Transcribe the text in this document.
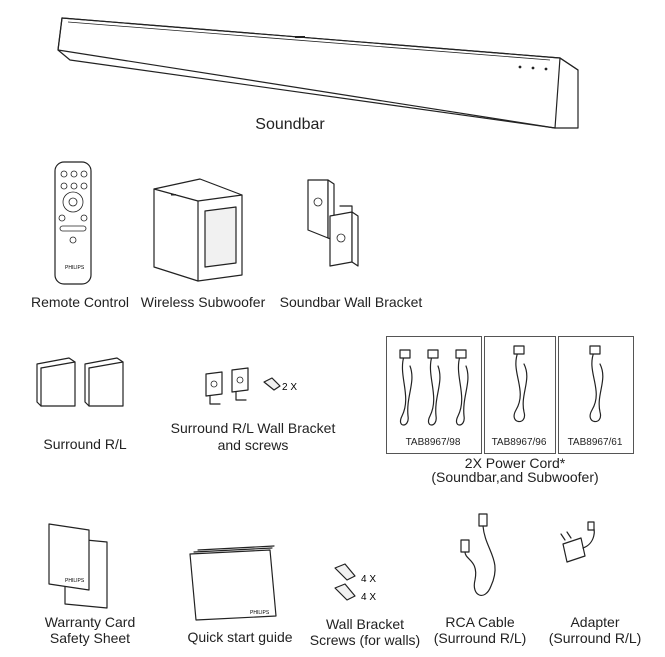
Soundbar
PHILIPS
Remote Control Wireless Subwoofer Soundbar Wall Bracket
Surround R/L
2 X
Surround R/L Wall Bracket
and screws	TAB8967/98	TAB8967/96	TAB8967/61
2X Power Cord*
(Soundbar,and Subwoofer)
PHILIPS
Warranty Card
Safety Sheet
PHILIPS
Quick start guide
4 X
4 X
Wall Bracket
Screws (for walls)
RCA Cable
(Surround R/L)
Adapter
(Surround R/L)
